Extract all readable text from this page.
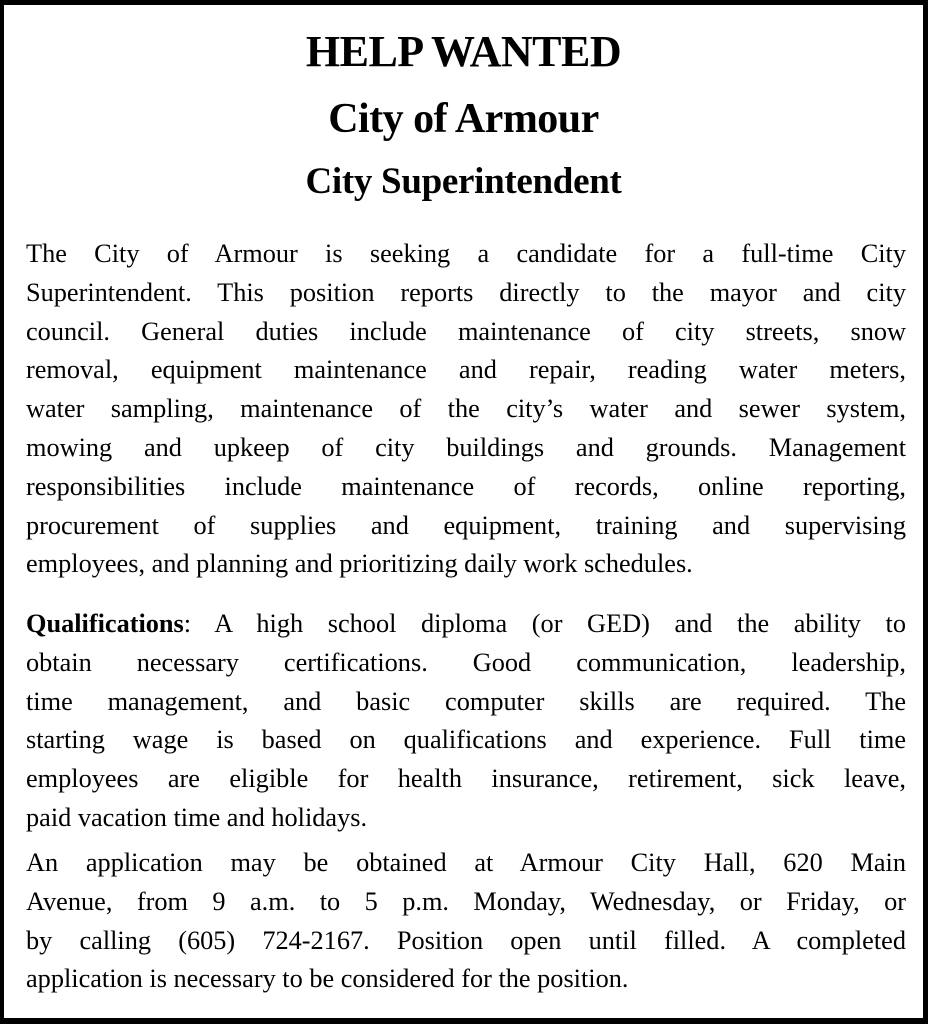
HELP WANTED
City of Armour
City Superintendent
The City of Armour is seeking a candidate for a full-time City
Superintendent. This position reports directly to the mayor and city
council. General duties include maintenance of city streets, snow
removal, equipment maintenance and repair, reading water meters,
water sampling, maintenance of the city’s water and sewer system,
mowing and upkeep of city buildings and grounds. Management
responsibilities include maintenance of records, online reporting,
procurement of supplies and equipment, training and supervising
employees, and planning and prioritizing daily work schedules.
Qualifications: A high school diploma (or GED) and the ability to
obtain necessary certifications. Good communication, leadership,
time management, and basic computer skills are required. The
starting wage is based on qualifications and experience. Full time
employees are eligible for health insurance, retirement, sick leave,
paid vacation time and holidays.
An application may be obtained at Armour City Hall, 620 Main
Avenue, from 9 a.m. to 5 p.m. Monday, Wednesday, or Friday, or
by calling (605) 724-2167. Position open until filled. A completed
application is necessary to be considered for the position.
